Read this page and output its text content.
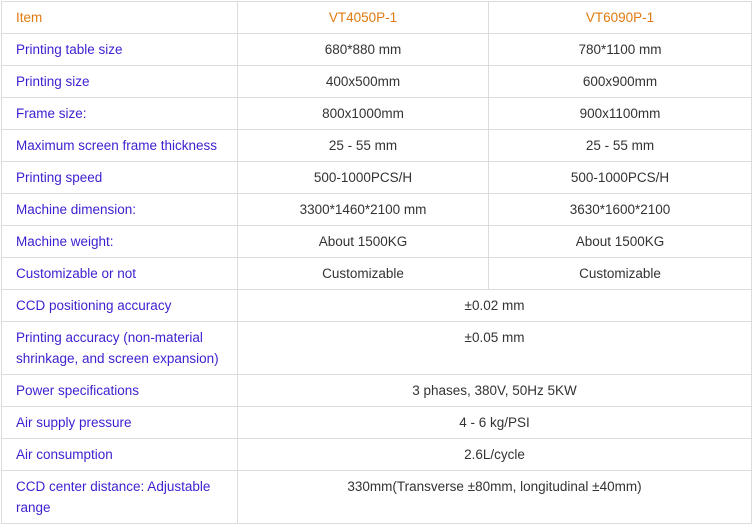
Item	VT4050P-1	VT6090P-1
Printing table size	680*880 mm	780*1100 mm
Printing size	400x500mm	600x900mm
Frame size:	800x1000mm	900x1100mm
Maximum screen frame thickness	25 - 55 mm	25 - 55 mm
Printing speed	500-1000PCS/H	500-1000PCS/H
Machine dimension:	3300*1460*2100 mm	3630*1600*2100
Machine weight:	About 1500KG	About 1500KG
Customizable or not	Customizable	Customizable
CCD positioning accuracy	±0.02 mm	
Printing accuracy (non-material shrinkage, and screen expansion)	±0.05 mm	
Power specifications	3 phases, 380V, 50Hz 5KW	
Air supply pressure	4 - 6 kg/PSI	
Air consumption	2.6L/cycle	
CCD center distance: Adjustable range	330mm(Transverse ±80mm, longitudinal ±40mm)	
